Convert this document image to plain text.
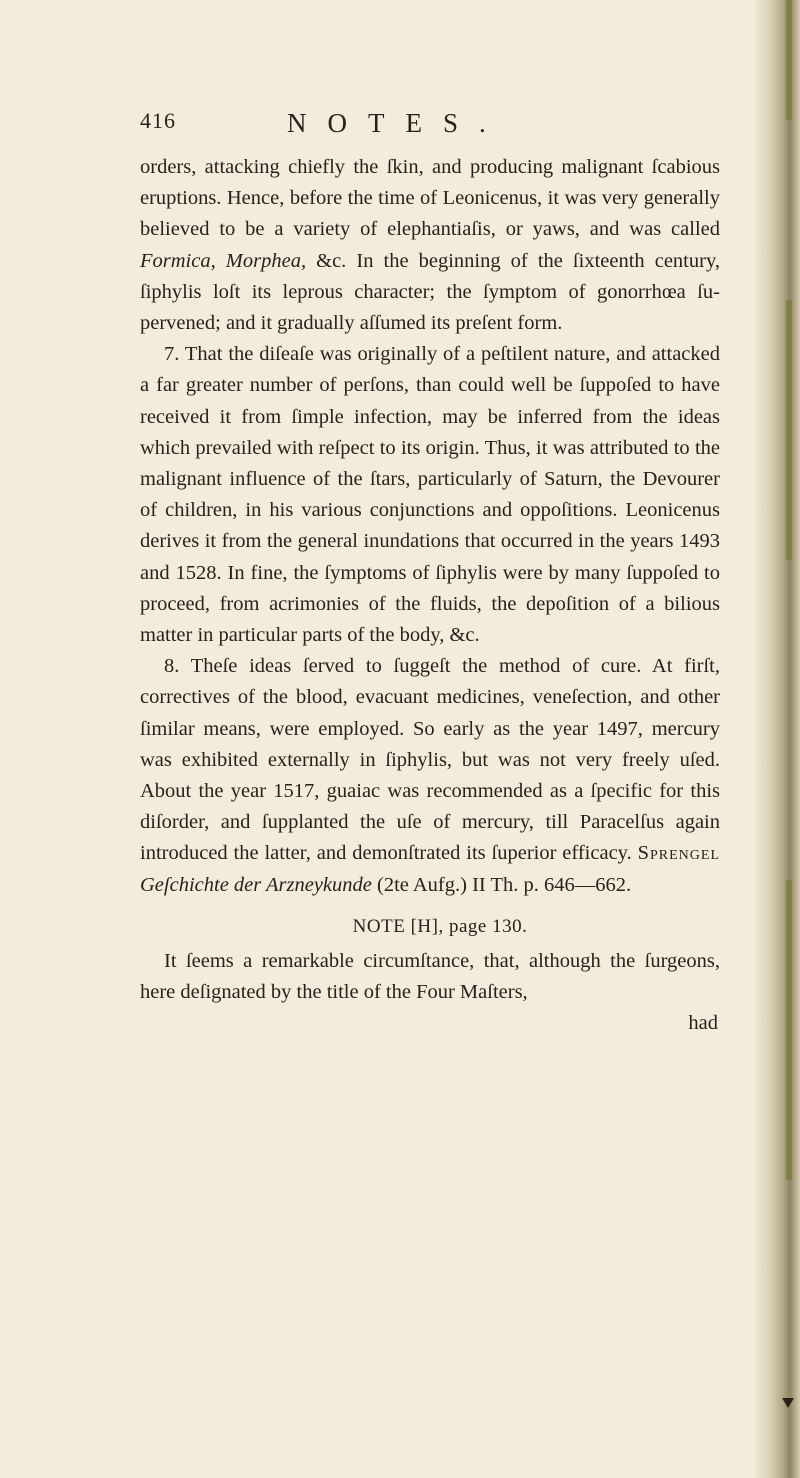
416	NOTES.

orders, attacking chiefly the ſkin, and producing malignant ſcabious eruptions. Hence, before the time of Leonicenus, it was very generally believed to be a variety of elephantiaſis, or yaws, and was called Formica, Morphea, &c. In the beginning of the ſixteenth century, ſiphylis loſt its leprous character; the ſymptom of gonorrhœa ſupervened; and it gradually aſſumed its preſent form.

7. That the diſeaſe was originally of a peſtilent nature, and attacked a far greater number of perſons, than could well be ſuppoſed to have received it from ſimple infection, may be inferred from the ideas which prevailed with reſpect to its origin. Thus, it was attributed to the malignant influence of the ſtars, particularly of Saturn, the Devourer of children, in his various conjunctions and oppoſitions. Leonicenus derives it from the general inundations that occurred in the years 1493 and 1528. In fine, the ſymptoms of ſiphylis were by many ſuppoſed to proceed, from acrimonies of the fluids, the depoſition of a bilious matter in particular parts of the body, &c.

8. Theſe ideas ſerved to ſuggeſt the method of cure. At firſt, correctives of the blood, evacuant medicines, veneſection, and other ſimilar means, were employed. So early as the year 1497, mercury was exhibited externally in ſiphylis, but was not very freely uſed. About the year 1517, guaiac was recommended as a ſpecific for this diſorder, and ſupplanted the uſe of mercury, till Paracelſus again introduced the latter, and demonſtrated its ſuperior efficacy. Sprengel Geſchichte der Arzneykunde (2te Aufg.) II Th. p. 646—662.

NOTE [H], page 130.

It ſeems a remarkable circumſtance, that, although the ſurgeons, here deſignated by the title of the Four Maſters,

had
